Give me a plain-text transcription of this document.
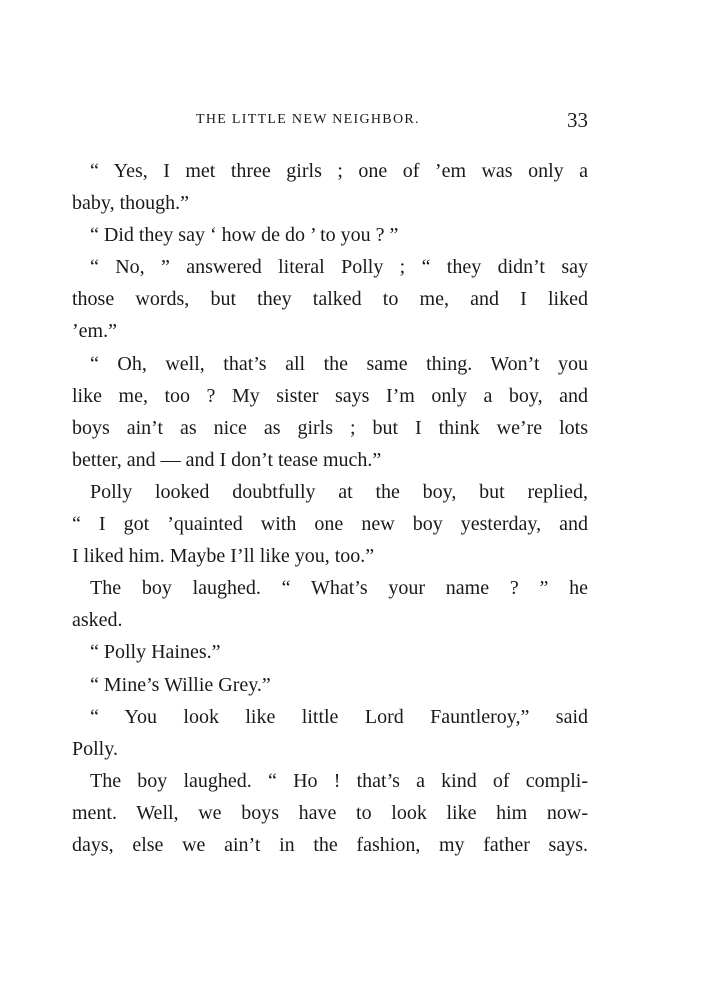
THE LITTLE NEW NEIGHBOR.	33
“ Yes, I met three girls ; one of ’em was only a
baby, though.”
“ Did they say ‘ how de do ’ to you ? ”
“ No, ” answered literal Polly ; “ they didn’t say
those words, but they talked to me, and I liked
’em.”
“ Oh, well, that’s all the same thing. Won’t you
like me, too ? My sister says I’m only a boy, and
boys ain’t as nice as girls ; but I think we’re lots
better, and — and I don’t tease much.”
Polly looked doubtfully at the boy, but replied,
“ I got ’quainted with one new boy yesterday, and
I liked him. Maybe I’ll like you, too.”
The boy laughed. “ What’s your name ? ” he
asked.
“ Polly Haines.”
“ Mine’s Willie Grey.”
“ You look like little Lord Fauntleroy,” said
Polly.
The boy laughed. “ Ho ! that’s a kind of compli-
ment. Well, we boys have to look like him now-
days, else we ain’t in the fashion, my father says.
